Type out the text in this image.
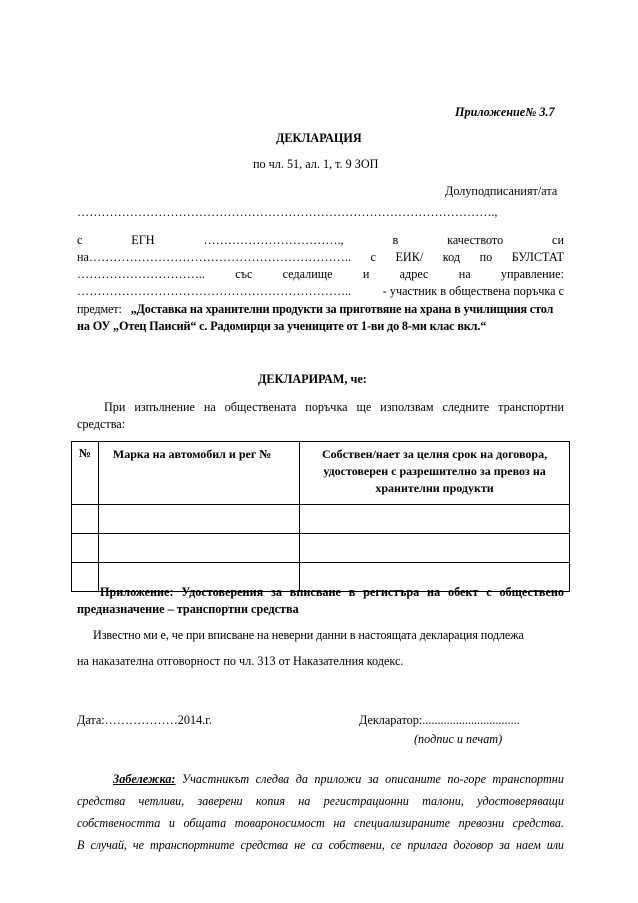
Приложение№ 3.7
ДЕКЛАРАЦИЯ
по чл. 51, ал. 1, т. 9 ЗОП
Долуподписаният/ата
………………………………………………………………………………………….,
с	ЕГН	…………………………….,	в	качеството	си
на……………………………………………………….. с ЕИК/ код по БУЛСТАТ
………………………….. със седалище и адрес на управление:
…………………………………………………………..	- участник в обществена поръчка с
предмет: „Доставка на хранителни продукти за приготвяне на храна в училищния стол
на ОУ „Отец Паисий“ с. Радомирци за учениците от 1-ви до 8-ми клас вкл.“
ДЕКЛАРИРАМ, че:
При изпълнение на обществената поръчка ще използвам следните транспортни
средства:
№	Марка на автомобил и рег №	Собствен/нает за целия срок на договора, удостоверен с разрешително за превоз на хранителни продукти

Приложение: Удостоверения за вписване в регистъра на обект с обществено
предназначение – транспортни средства
Известно ми е, че при вписване на неверни данни в настоящата декларация подлежа
на наказателна отговорност по чл. 313 от Наказателния кодекс.
Дата:………………2014.г.	Декларатор:................................
(подпис и печат)
Забележка: Участникът следва да приложи за описаните по-горе транспортни
средства четливи, заверени копия на регистрационни талони, удостоверяващи
собствеността и общата товароносимост на специализираните превозни средства.
В случай, че транспортните средства не са собствени, се прилага договор за наем или
